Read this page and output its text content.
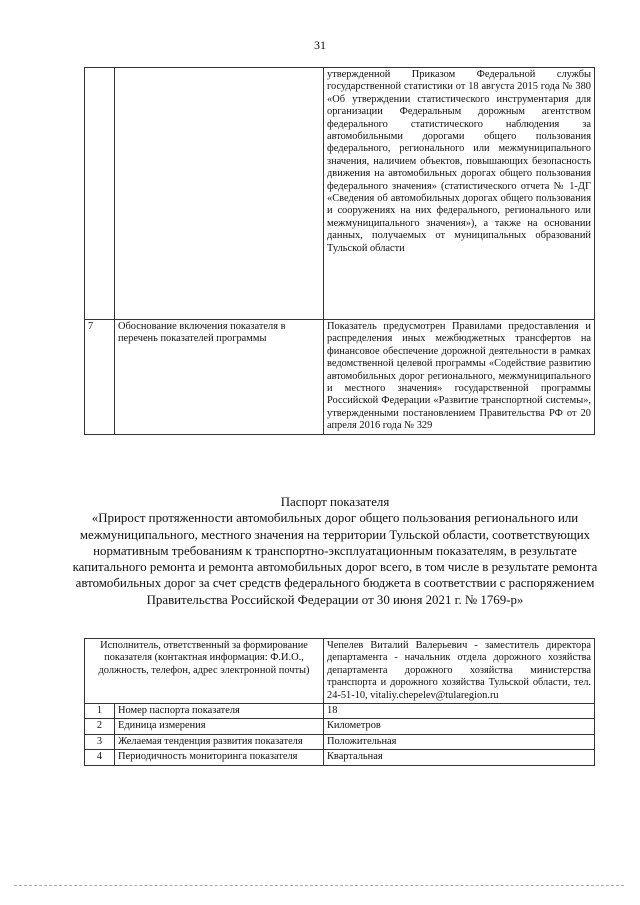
31
		утвержденной Приказом Федеральной службы государственной статистики от 18 августа 2015 года № 380 «Об утверждении статистического инструментария для организации Федеральным дорожным агентством федерального статистического наблюдения за автомобильными дорогами общего пользования федерального, регионального или межмуниципального значения, наличием объектов, повышающих безопасность движения на автомобильных дорогах общего пользования федерального значения» (статистического отчета № 1-ДГ «Сведения об автомобильных дорогах общего пользования и сооружениях на них федерального, регионального или межмуниципального значения»), а также на основании данных, получаемых от муниципальных образований Тульской области
7	Обоснование включения показателя в перечень показателей программы	Показатель предусмотрен Правилами предоставления и распределения иных межбюджетных трансфертов на финансовое обеспечение дорожной деятельности в рамках ведомственной целевой программы «Содействие развитию автомобильных дорог регионального, межмуниципального и местного значения» государственной программы Российской Федерации «Развитие транспортной системы», утвержденными постановлением Правительства РФ от 20 апреля 2016 года № 329
Паспорт показателя
«Прирост протяженности автомобильных дорог общего пользования регионального или межмуниципального, местного значения на территории Тульской области, соответствующих нормативным требованиям к транспортно-эксплуатационным показателям, в результате капитального ремонта и ремонта автомобильных дорог всего, в том числе в результате ремонта автомобильных дорог за счет средств федерального бюджета в соответствии с распоряжением Правительства Российской Федерации от 30 июня 2021 г. № 1769-р»
Исполнитель, ответственный за формирование показателя (контактная информация: Ф.И.О., должность, телефон, адрес электронной почты)		Чепелев Виталий Валерьевич - заместитель директора департамента - начальник отдела дорожного хозяйства департамента дорожного хозяйства министерства транспорта и дорожного хозяйства Тульской области, тел. 24-51-10, vitaliy.chepelev@tularegion.ru
1	Номер паспорта показателя	18
2	Единица измерения	Километров
3	Желаемая тенденция развития показателя	Положительная
4	Периодичность мониторинга показателя	Квартальная
